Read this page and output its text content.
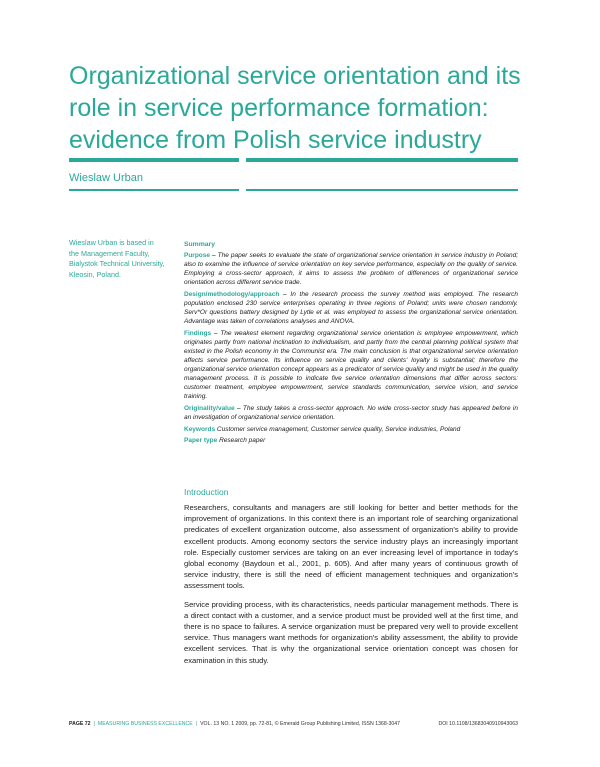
Organizational service orientation and its role in service performance formation: evidence from Polish service industry
Wieslaw Urban
Wieslaw Urban is based in the Management Faculty, Bialystok Technical University, Kleosin, Poland.
Summary

Purpose – The paper seeks to evaluate the state of organizational service orientation in service industry in Poland; also to examine the influence of service orientation on key service performance, especially on the quality of service. Employing a cross-sector approach, it aims to assess the problem of differences of organizational service orientation across different service trade.

Design/methodology/approach – In the research process the survey method was employed. The research population enclosed 230 service enterprises operating in three regions of Poland; units were chosen randomly. Serv*Or questions battery designed by Lytle et al. was employed to assess the organizational service orientation. Advantage was taken of correlations analyses and ANOVA.

Findings – The weakest element regarding organizational service orientation is employee empowerment, which originates partly from national inclination to individualism, and partly from the central planning political system that existed in the Polish economy in the Communist era. The main conclusion is that organizational service orientation affects service performance. Its influence on service quality and clients' loyalty is substantial; therefore the organizational service orientation concept appears as a predicator of service quality and might be used in the quality management process. It is possible to indicate five service orientation dimensions that differ across sectors: customer treatment, employee empowerment, service standards communication, service vision, and service training.

Originality/value – The study takes a cross-sector approach. No wide cross-sector study has appeared before in an investigation of organizational service orientation.

Keywords Customer service management, Customer service quality, Service industries, Poland
Paper type Research paper
Introduction

Researchers, consultants and managers are still looking for better and better methods for the improvement of organizations. In this context there is an important role of searching organizational predicates of excellent organization outcome, also assessment of organization's ability to provide excellent products. Among economy sectors the service industry plays an increasingly important role. Especially customer services are taking on an ever increasing level of importance in today's global economy (Baydoun et al., 2001, p. 605). And after many years of continuous growth of service industry, there is still the need of efficient management techniques and organization's assessment tools.

Service providing process, with its characteristics, needs particular management methods. There is a direct contact with a customer, and a service product must be provided well at the first time, and there is no space to failures. A service organization must be prepared very well to provide excellent service. Thus managers want methods for organization's ability assessment, the ability to provide excellent services. That is why the organizational service orientation concept was chosen for examination in this study.

PAGE 72 | MEASURING BUSINESS EXCELLENCE | VOL. 13 NO. 1 2009, pp. 72-81, © Emerald Group Publishing Limited, ISSN 1368-3047	DOI 10.1108/13683040910943063
